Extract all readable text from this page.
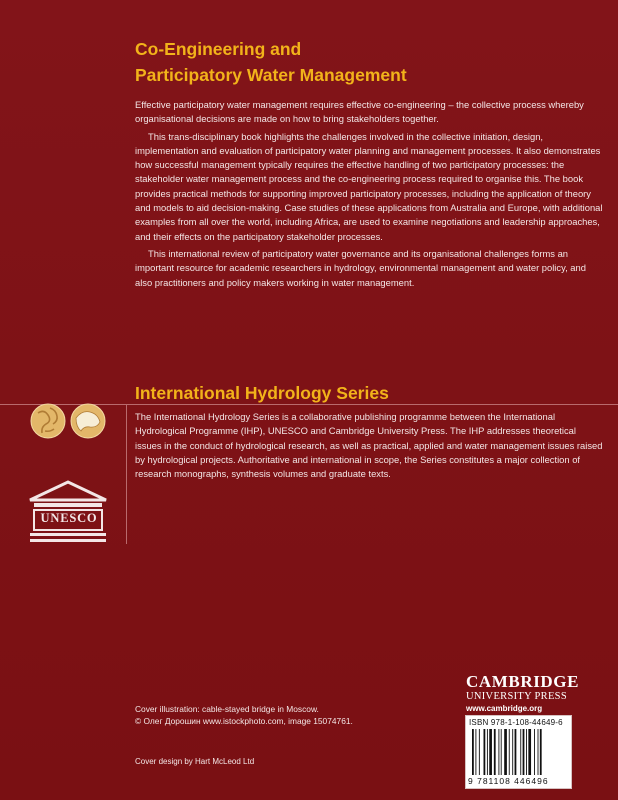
Co-Engineering and
Participatory Water Management

Effective participatory water management requires effective co-engineering – the collective process whereby organisational decisions are made on how to bring stakeholders together.

This trans-disciplinary book highlights the challenges involved in the collective initiation, design, implementation and evaluation of participatory water planning and management processes. It also demonstrates how successful management typically requires the effective handling of two participatory processes: the stakeholder water management process and the co-engineering process required to organise this. The book provides practical methods for supporting improved participatory processes, including the application of theory and models to aid decision-making. Case studies of these applications from Australia and Europe, with additional examples from all over the world, including Africa, are used to examine negotiations and leadership approaches, and their effects on the participatory stakeholder processes.

This international review of participatory water governance and its organisational challenges forms an important resource for academic researchers in hydrology, environmental management and water policy, and also practitioners and policy makers working in water management.

International Hydrology Series

The International Hydrology Series is a collaborative publishing programme between the International Hydrological Programme (IHP), UNESCO and Cambridge University Press. The IHP addresses theoretical issues in the conduct of hydrological research, as well as practical, applied and water management issues raised by hydrological projects. Authoritative and international in scope, the Series constitutes a major collection of research monographs, synthesis volumes and graduate texts.

UNESCO
Cover illustration: cable-stayed bridge in Moscow.
© Олег Дорошин www.istockphoto.com, image 15074761.
Cover design by Hart McLeod Ltd
CAMBRIDGE
UNIVERSITY PRESS
www.cambridge.org
ISBN 978-1-108-44649-6
9 781108 446496
